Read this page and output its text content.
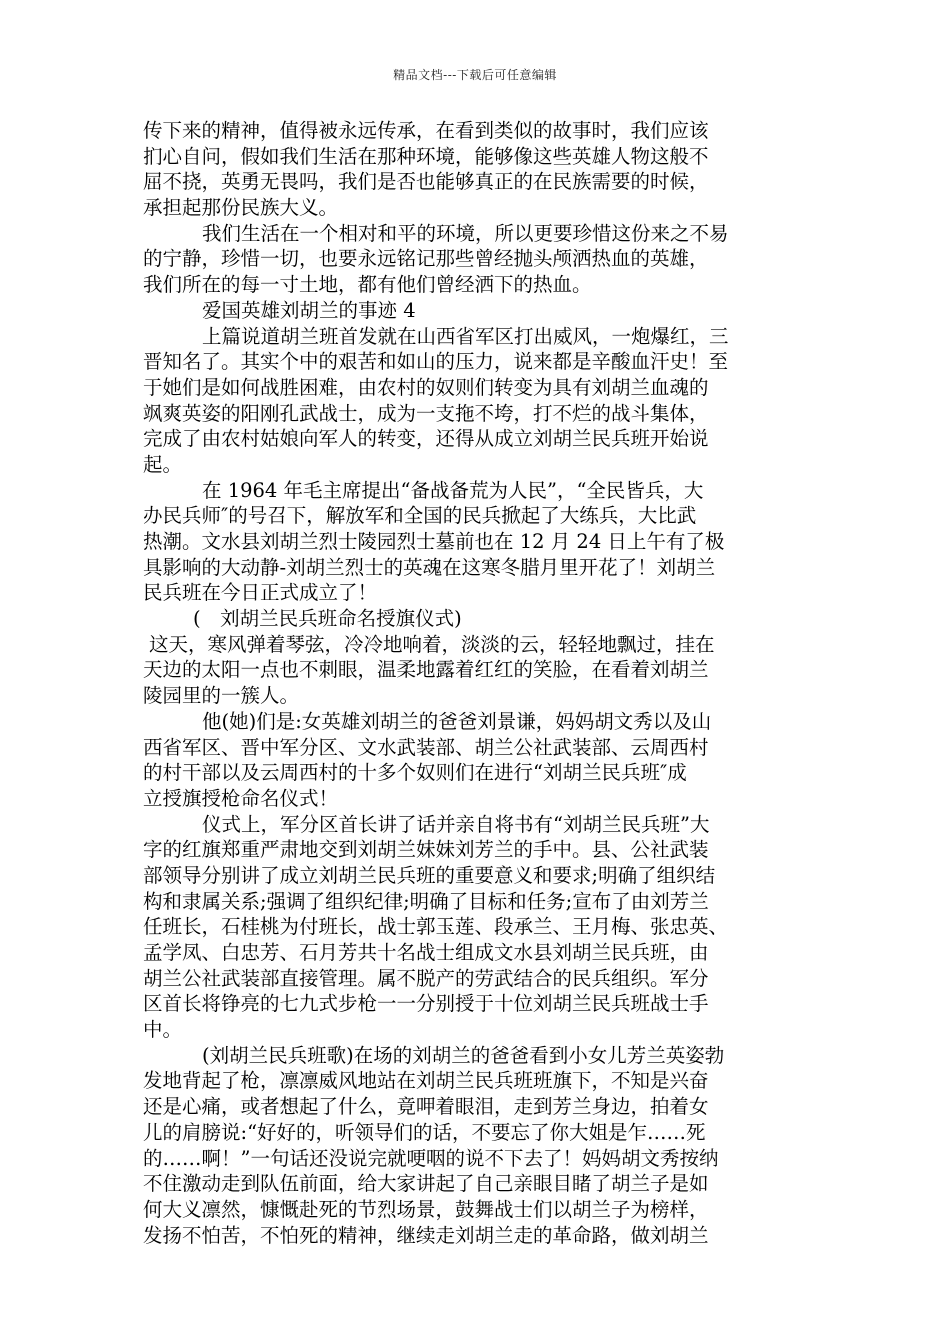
精品文档---下载后可任意编辑
传下来的精神，值得被永远传承，在看到类似的故事时，我们应该
扪心自问，假如我们生活在那种环境，能够像这些英雄人物这般不
屈不挠，英勇无畏吗，我们是否也能够真正的在民族需要的时候，
承担起那份民族大义。
我们生活在一个相对和平的环境，所以更要珍惜这份来之不易
的宁静，珍惜一切，也要永远铭记那些曾经抛头颅洒热血的英雄，
我们所在的每一寸土地，都有他们曾经洒下的热血。
爱国英雄刘胡兰的事迹 4
上篇说道胡兰班首发就在山西省军区打出威风，一炮爆红，三
晋知名了。其实个中的艰苦和如山的压力，说来都是辛酸血汗史！至
于她们是如何战胜困难，由农村的奴则们转变为具有刘胡兰血魂的
飒爽英姿的阳刚孔武战士，成为一支拖不垮，打不烂的战斗集体，
完成了由农村姑娘向军人的转变，还得从成立刘胡兰民兵班开始说
起。
在 1964 年毛主席提出“备战备荒为人民”，“全民皆兵，大
办民兵师″的号召下，解放军和全国的民兵掀起了大练兵，大比武
热潮。文水县刘胡兰烈士陵园烈士墓前也在 12 月 24 日上午有了极
具影响的大动静-刘胡兰烈士的英魂在这寒冬腊月里开花了！刘胡兰
民兵班在今日正式成立了！
(　刘胡兰民兵班命名授旗仪式)
这天，寒风弹着琴弦，冷冷地响着，淡淡的云，轻轻地飘过，挂在
天边的太阳一点也不刺眼，温柔地露着红红的笑脸，在看着刘胡兰
陵园里的一簇人。
他(她)们是:女英雄刘胡兰的爸爸刘景谦，妈妈胡文秀以及山
西省军区、晋中军分区、文水武装部、胡兰公社武装部、云周西村
的村干部以及云周西村的十多个奴则们在进行“刘胡兰民兵班″成
立授旗授枪命名仪式！
仪式上，军分区首长讲了话并亲自将书有“刘胡兰民兵班”大
字的红旗郑重严肃地交到刘胡兰妹妹刘芳兰的手中。县、公社武装
部领导分别讲了成立刘胡兰民兵班的重要意义和要求;明确了组织结
构和隶属关系;强调了组织纪律;明确了目标和任务;宣布了由刘芳兰
任班长，石桂桃为付班长，战士郭玉莲、段承兰、王月梅、张忠英、
孟学凤、白忠芳、石月芳共十名战士组成文水县刘胡兰民兵班，由
胡兰公社武装部直接管理。属不脱产的劳武结合的民兵组织。军分
区首长将铮亮的七九式步枪一一分别授于十位刘胡兰民兵班战士手
中。
(刘胡兰民兵班歌)在场的刘胡兰的爸爸看到小女儿芳兰英姿勃
发地背起了枪，凛凛威风地站在刘胡兰民兵班班旗下，不知是兴奋
还是心痛，或者想起了什么，竟呷着眼泪，走到芳兰身边，拍着女
儿的肩膀说:“好好的，听领导们的话，不要忘了你大姐是乍……死
的……啊！”一句话还没说完就哽咽的说不下去了！妈妈胡文秀按纳
不住激动走到队伍前面，给大家讲起了自己亲眼目睹了胡兰子是如
何大义凛然，慷慨赴死的节烈场景，鼓舞战士们以胡兰子为榜样，
发扬不怕苦，不怕死的精神，继续走刘胡兰走的革命路，做刘胡兰
